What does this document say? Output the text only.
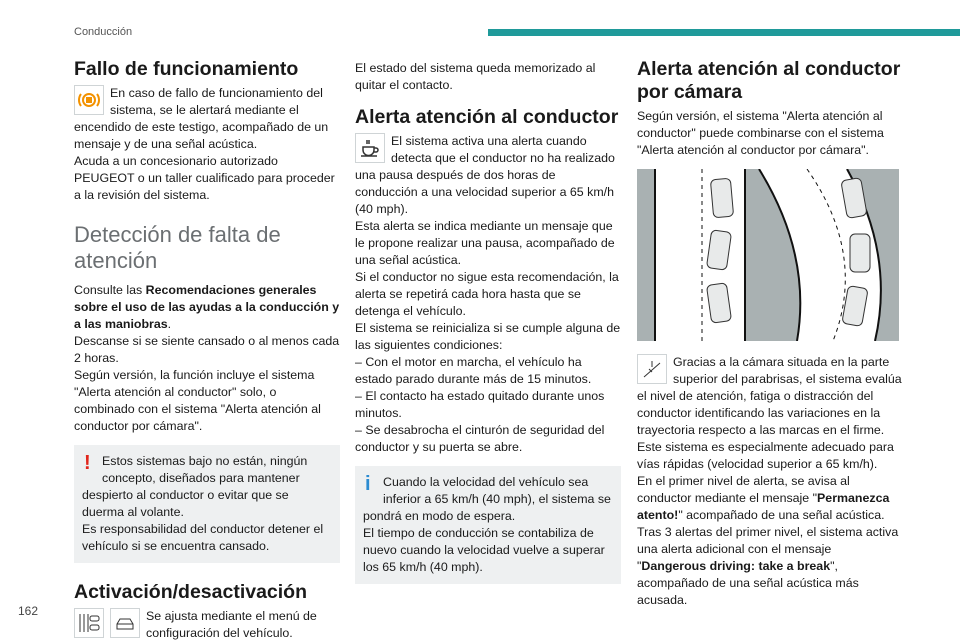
Conducción
162
Fallo de funcionamiento

En caso de fallo de funcionamiento del sistema, se le alertará mediante el encendido de este testigo, acompañado de un mensaje y de una señal acústica.

Acuda a un concesionario autorizado PEUGEOT o un taller cualificado para proceder a la revisión del sistema.

Detección de falta de atención

Consulte las Recomendaciones generales sobre el uso de las ayudas a la conducción y a las maniobras.

Descanse si se siente cansado o al menos cada 2 horas.

Según versión, la función incluye el sistema "Alerta atención al conductor" solo, o combinado con el sistema "Alerta atención al conductor por cámara".

! Estos sistemas bajo no están, ningún concepto, diseñados para mantener despierto al conductor o evitar que se duerma al volante.

Es responsabilidad del conductor detener el vehículo si se encuentra cansado.

Activación/desactivación

Se ajusta mediante el menú de configuración del vehículo.

El estado del sistema queda memorizado al quitar el contacto.

Alerta atención al conductor

El sistema activa una alerta cuando detecta que el conductor no ha realizado una pausa después de dos horas de conducción a una velocidad superior a 65 km/h (40 mph).

Esta alerta se indica mediante un mensaje que le propone realizar una pausa, acompañado de una señal acústica.

Si el conductor no sigue esta recomendación, la alerta se repetirá cada hora hasta que se detenga el vehículo.

El sistema se reinicializa si se cumple alguna de las siguientes condiciones:

– Con el motor en marcha, el vehículo ha estado parado durante más de 15 minutos.

– El contacto ha estado quitado durante unos minutos.

– Se desabrocha el cinturón de seguridad del conductor y su puerta se abre.

i	Cuando la velocidad del vehículo sea inferior a 65 km/h (40 mph), el sistema se pondrá en modo de espera.

El tiempo de conducción se contabiliza de nuevo cuando la velocidad vuelve a superar los 65 km/h (40 mph).

Alerta atención al conductor por cámara

Según versión, el sistema "Alerta atención al conductor" puede combinarse con el sistema "Alerta atención al conductor por cámara".

Gracias a la cámara situada en la parte superior del parabrisas, el sistema evalúa el nivel de atención, fatiga o distracción del conductor identificando las variaciones en la trayectoria respecto a las marcas en el firme.

Este sistema es especialmente adecuado para vías rápidas (velocidad superior a 65 km/h).

En el primer nivel de alerta, se avisa al conductor mediante el mensaje "Permanezca atento!" acompañado de una señal acústica.

Tras 3 alertas del primer nivel, el sistema activa una alerta adicional con el mensaje "Dangerous driving: take a break", acompañado de una señal acústica más acusada.
